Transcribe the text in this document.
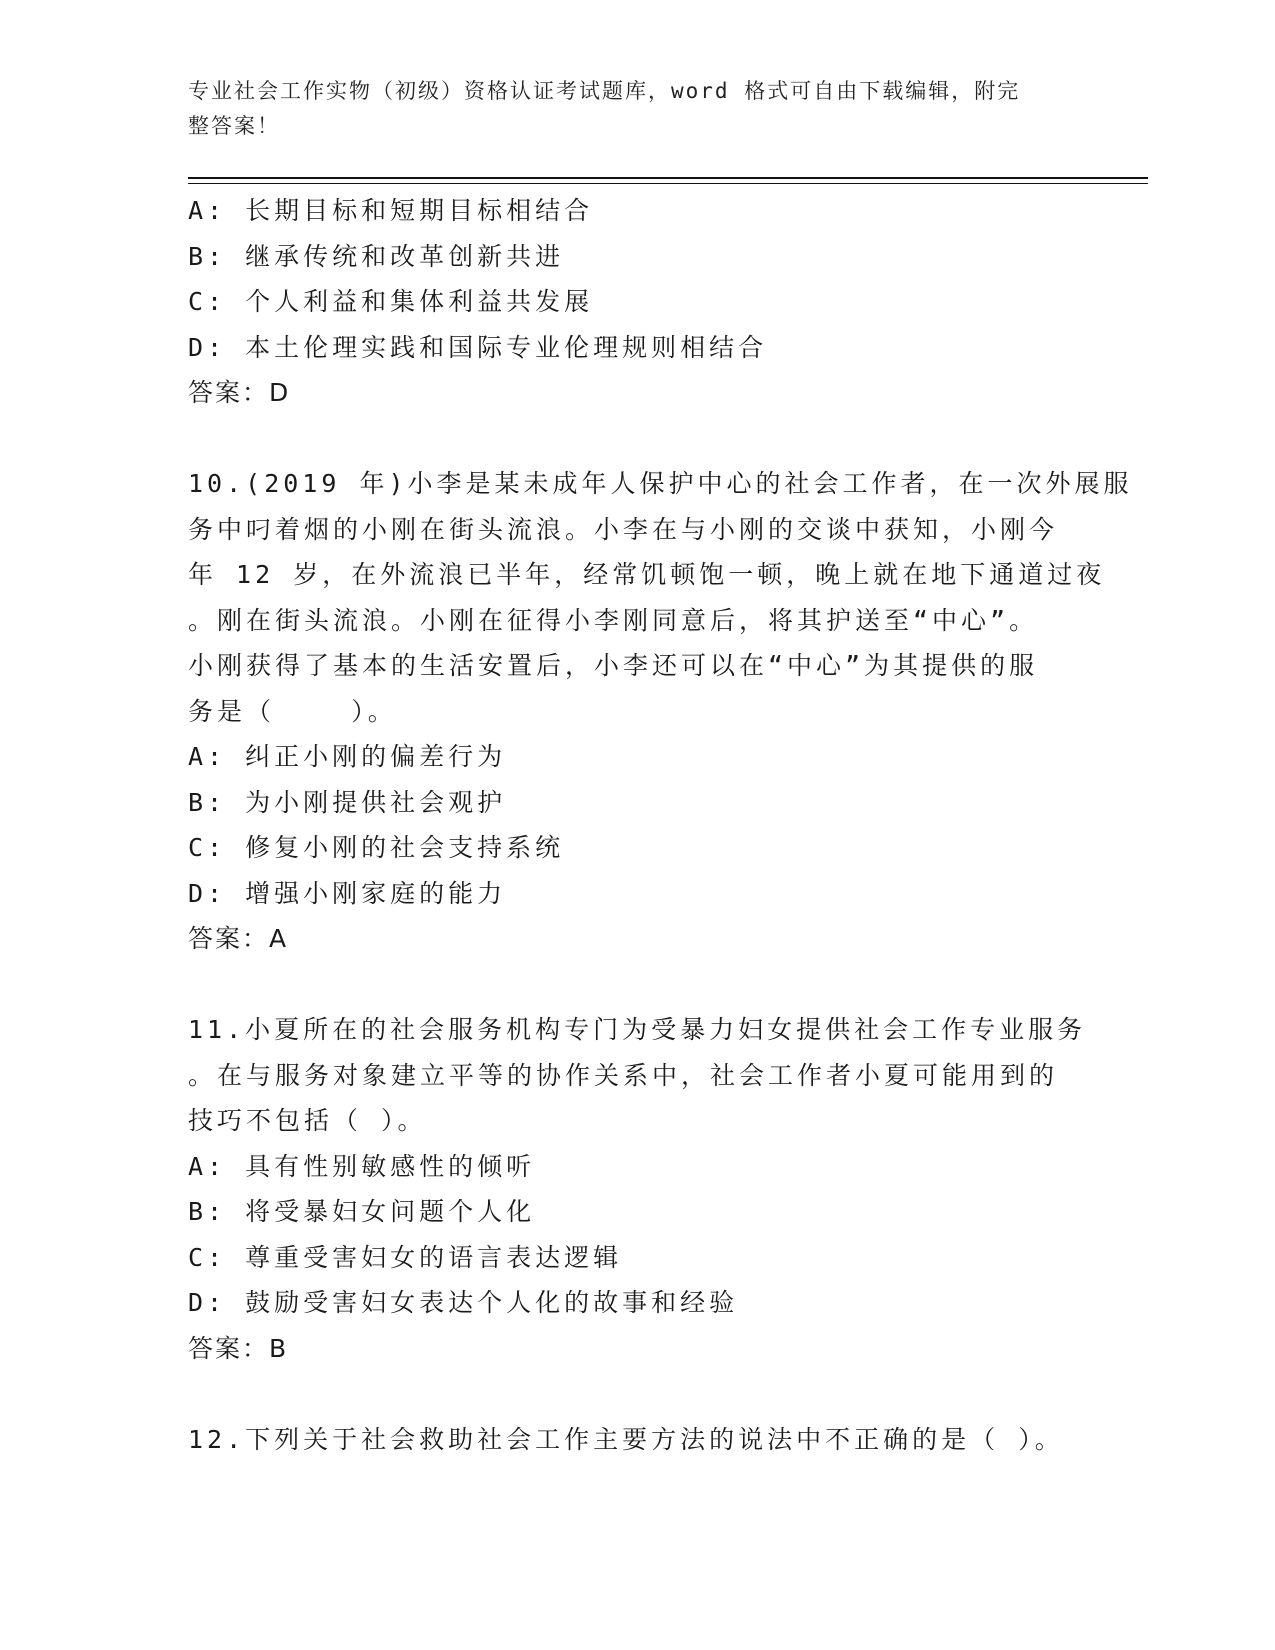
专业社会工作实物（初级）资格认证考试题库，word 格式可自由下载编辑，附完
整答案！
A: 长期目标和短期目标相结合
B: 继承传统和改革创新共进
C: 个人利益和集体利益共发展
D: 本土伦理实践和国际专业伦理规则相结合
答案：D
10.(2019 年)小李是某未成年人保护中心的社会工作者，在一次外展服
务中叼着烟的小刚在街头流浪。小李在与小刚的交谈中获知，小刚今
年 12 岁，在外流浪已半年，经常饥顿饱一顿，晚上就在地下通道过夜
。刚在街头流浪。小刚在征得小李刚同意后，将其护送至“中心”。
小刚获得了基本的生活安置后，小李还可以在“中心”为其提供的服
务是（    ）。
A: 纠正小刚的偏差行为
B: 为小刚提供社会观护
C: 修复小刚的社会支持系统
D: 增强小刚家庭的能力
答案：A
11.小夏所在的社会服务机构专门为受暴力妇女提供社会工作专业服务
。在与服务对象建立平等的协作关系中，社会工作者小夏可能用到的
技巧不包括（ ）。
A: 具有性别敏感性的倾听
B: 将受暴妇女问题个人化
C: 尊重受害妇女的语言表达逻辑
D: 鼓励受害妇女表达个人化的故事和经验
答案：B
12.下列关于社会救助社会工作主要方法的说法中不正确的是（ ）。
